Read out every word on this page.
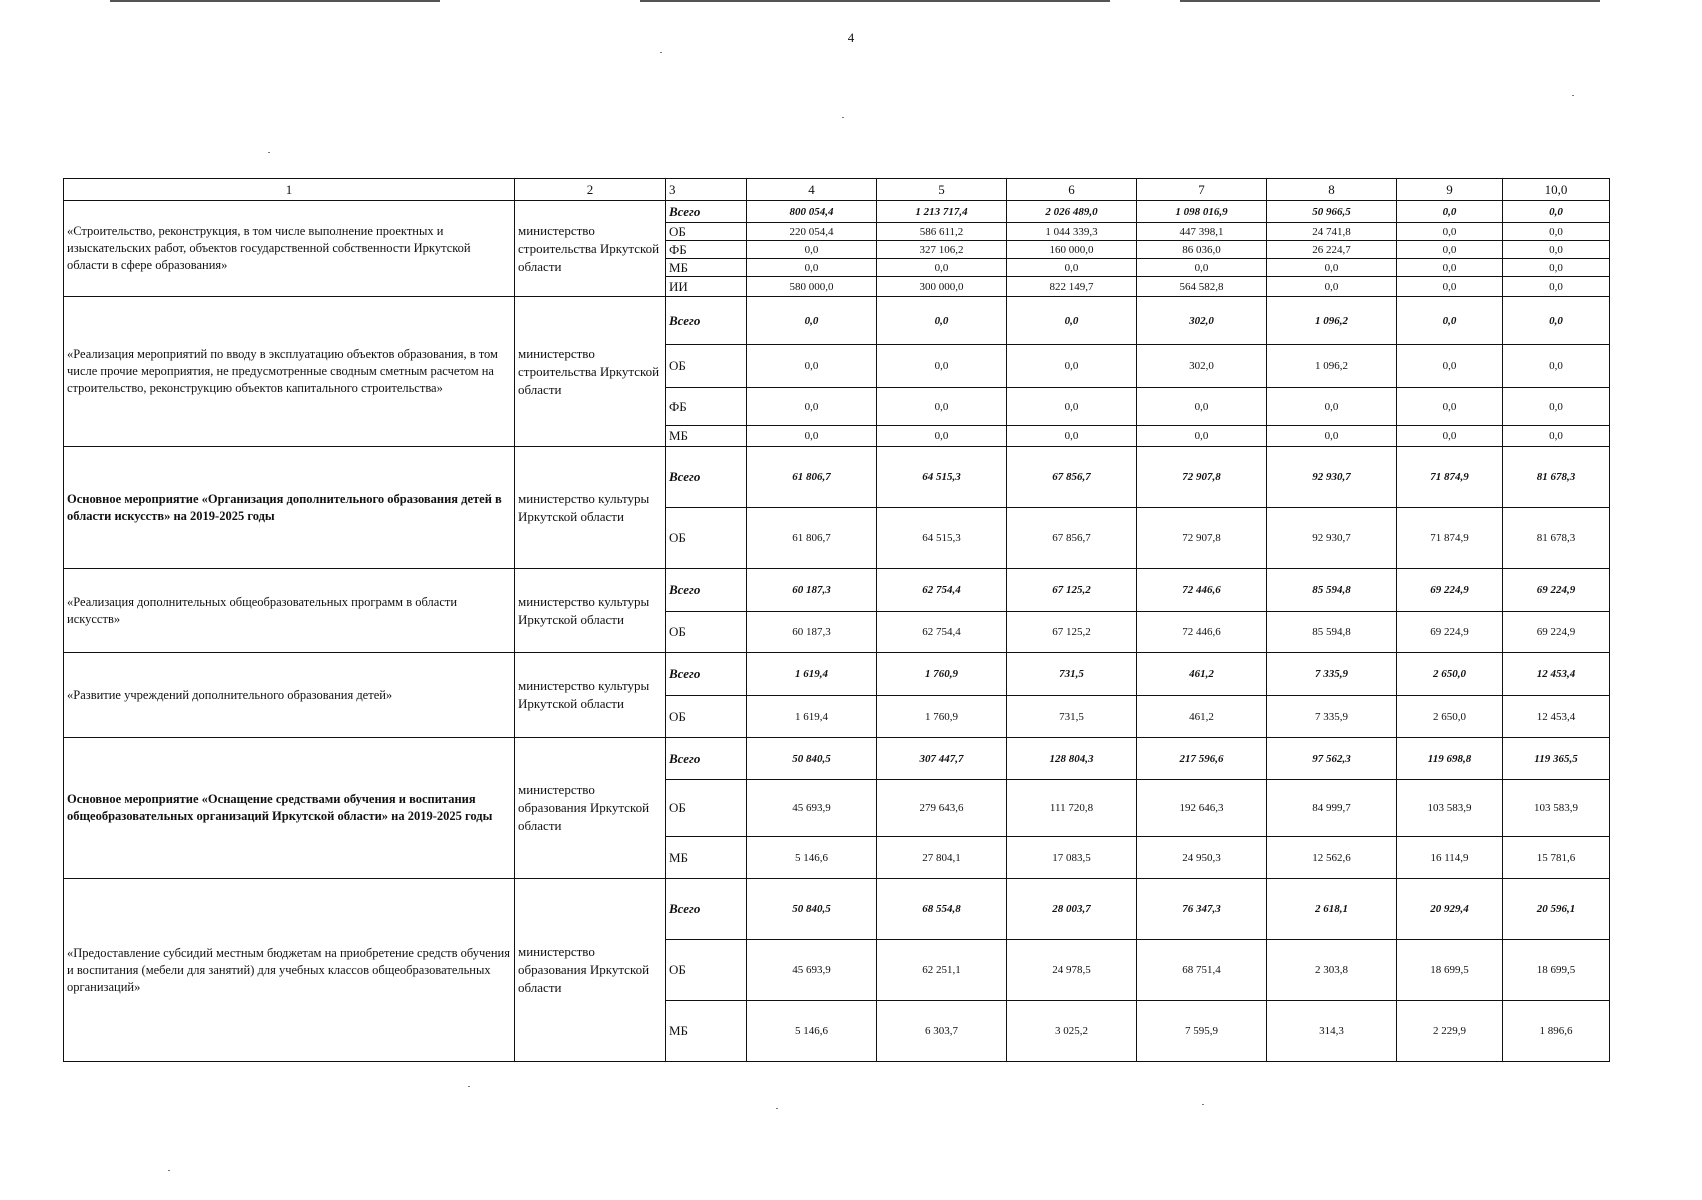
4
1	2	3	4	5	6	7	8	9	10,0
«Строительство, реконструкция, в том числе выполнение проектных и изыскательских работ, объектов государственной собственности Иркутской области в сфере образования»	министерство строительства Иркутской области	Всего	800 054,4	1 213 717,4	2 026 489,0	1 098 016,9	50 966,5	0,0	0,0
		ОБ	220 054,4	586 611,2	1 044 339,3	447 398,1	24 741,8	0,0	0,0
		ФБ	0,0	327 106,2	160 000,0	86 036,0	26 224,7	0,0	0,0
		МБ	0,0	0,0	0,0	0,0	0,0	0,0	0,0
		ИИ	580 000,0	300 000,0	822 149,7	564 582,8	0,0	0,0	0,0
«Реализация мероприятий по вводу в эксплуатацию объектов образования, в том числе прочие мероприятия, не предусмотренные сводным сметным расчетом на строительство, реконструкцию объектов капитального строительства»	министерство строительства Иркутской области	Всего	0,0	0,0	0,0	302,0	1 096,2	0,0	0,0
		ОБ	0,0	0,0	0,0	302,0	1 096,2	0,0	0,0
		ФБ	0,0	0,0	0,0	0,0	0,0	0,0	0,0
		МБ	0,0	0,0	0,0	0,0	0,0	0,0	0,0
Основное мероприятие «Организация дополнительного образования детей в области искусств» на 2019-2025 годы	министерство культуры Иркутской области	Всего	61 806,7	64 515,3	67 856,7	72 907,8	92 930,7	71 874,9	81 678,3
		ОБ	61 806,7	64 515,3	67 856,7	72 907,8	92 930,7	71 874,9	81 678,3
«Реализация дополнительных общеобразовательных программ в области искусств»	министерство культуры Иркутской области	Всего	60 187,3	62 754,4	67 125,2	72 446,6	85 594,8	69 224,9	69 224,9
		ОБ	60 187,3	62 754,4	67 125,2	72 446,6	85 594,8	69 224,9	69 224,9
«Развитие учреждений дополнительного образования детей»	министерство культуры Иркутской области	Всего	1 619,4	1 760,9	731,5	461,2	7 335,9	2 650,0	12 453,4
		ОБ	1 619,4	1 760,9	731,5	461,2	7 335,9	2 650,0	12 453,4
Основное мероприятие «Оснащение средствами обучения и воспитания общеобразовательных организаций Иркутской области» на 2019-2025 годы	министерство образования Иркутской области	Всего	50 840,5	307 447,7	128 804,3	217 596,6	97 562,3	119 698,8	119 365,5
		ОБ	45 693,9	279 643,6	111 720,8	192 646,3	84 999,7	103 583,9	103 583,9
		МБ	5 146,6	27 804,1	17 083,5	24 950,3	12 562,6	16 114,9	15 781,6
«Предоставление субсидий местным бюджетам на приобретение средств обучения и воспитания (мебели для занятий) для учебных классов общеобразовательных организаций»	министерство образования Иркутской области	Всего	50 840,5	68 554,8	28 003,7	76 347,3	2 618,1	20 929,4	20 596,1
		ОБ	45 693,9	62 251,1	24 978,5	68 751,4	2 303,8	18 699,5	18 699,5
		МБ	5 146,6	6 303,7	3 025,2	7 595,9	314,3	2 229,9	1 896,6
